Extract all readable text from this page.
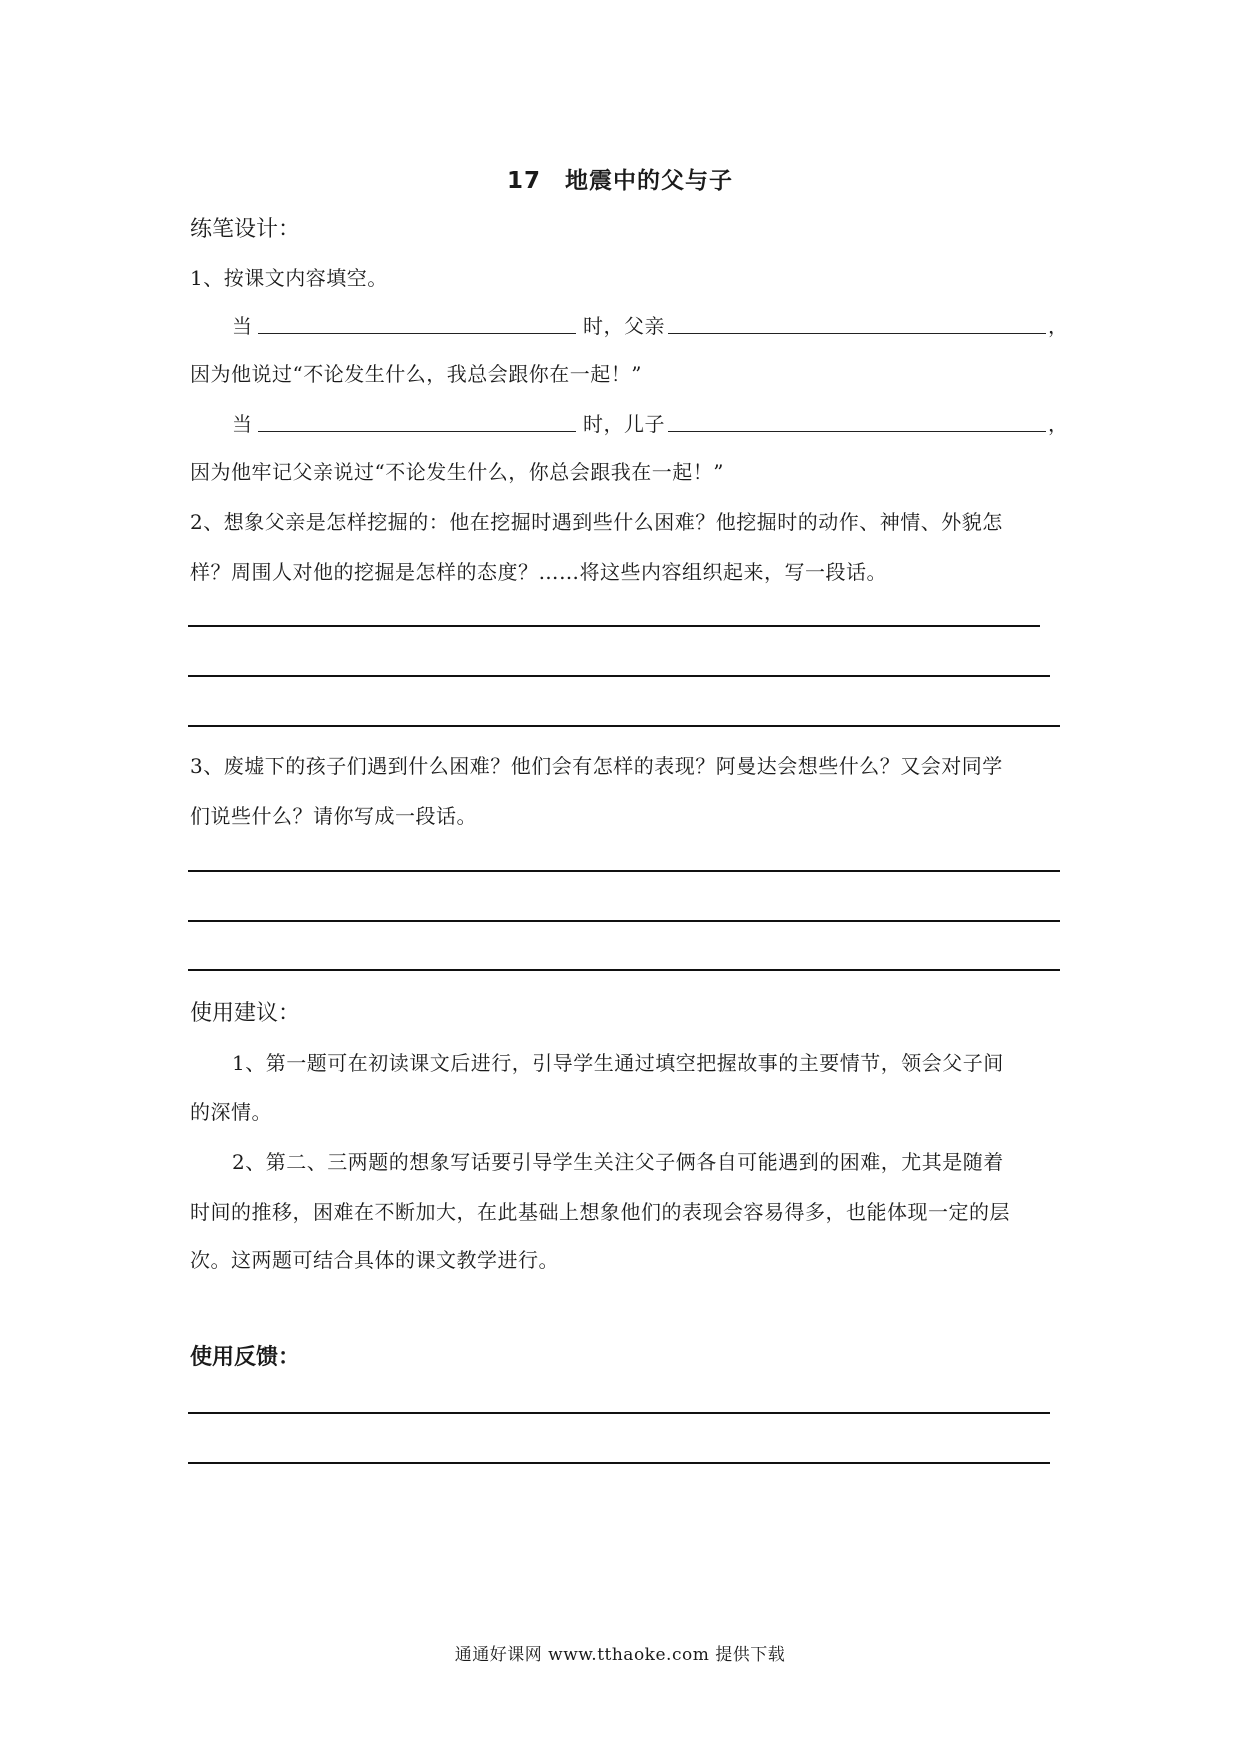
17　地震中的父与子
练笔设计：
1、按课文内容填空。
当	时，父亲	，
因为他说过“不论发生什么，我总会跟你在一起！”
当	时，儿子	，
因为他牢记父亲说过“不论发生什么，你总会跟我在一起！”
2、想象父亲是怎样挖掘的：他在挖掘时遇到些什么困难？他挖掘时的动作、神情、外貌怎
样？周围人对他的挖掘是怎样的态度？……将这些内容组织起来，写一段话。
3、废墟下的孩子们遇到什么困难？他们会有怎样的表现？阿曼达会想些什么？又会对同学
们说些什么？请你写成一段话。
使用建议：
1、第一题可在初读课文后进行，引导学生通过填空把握故事的主要情节，领会父子间
的深情。
2、第二、三两题的想象写话要引导学生关注父子俩各自可能遇到的困难，尤其是随着
时间的推移，困难在不断加大，在此基础上想象他们的表现会容易得多，也能体现一定的层
次。这两题可结合具体的课文教学进行。
使用反馈：
通通好课网 www.tthaoke.com 提供下载
